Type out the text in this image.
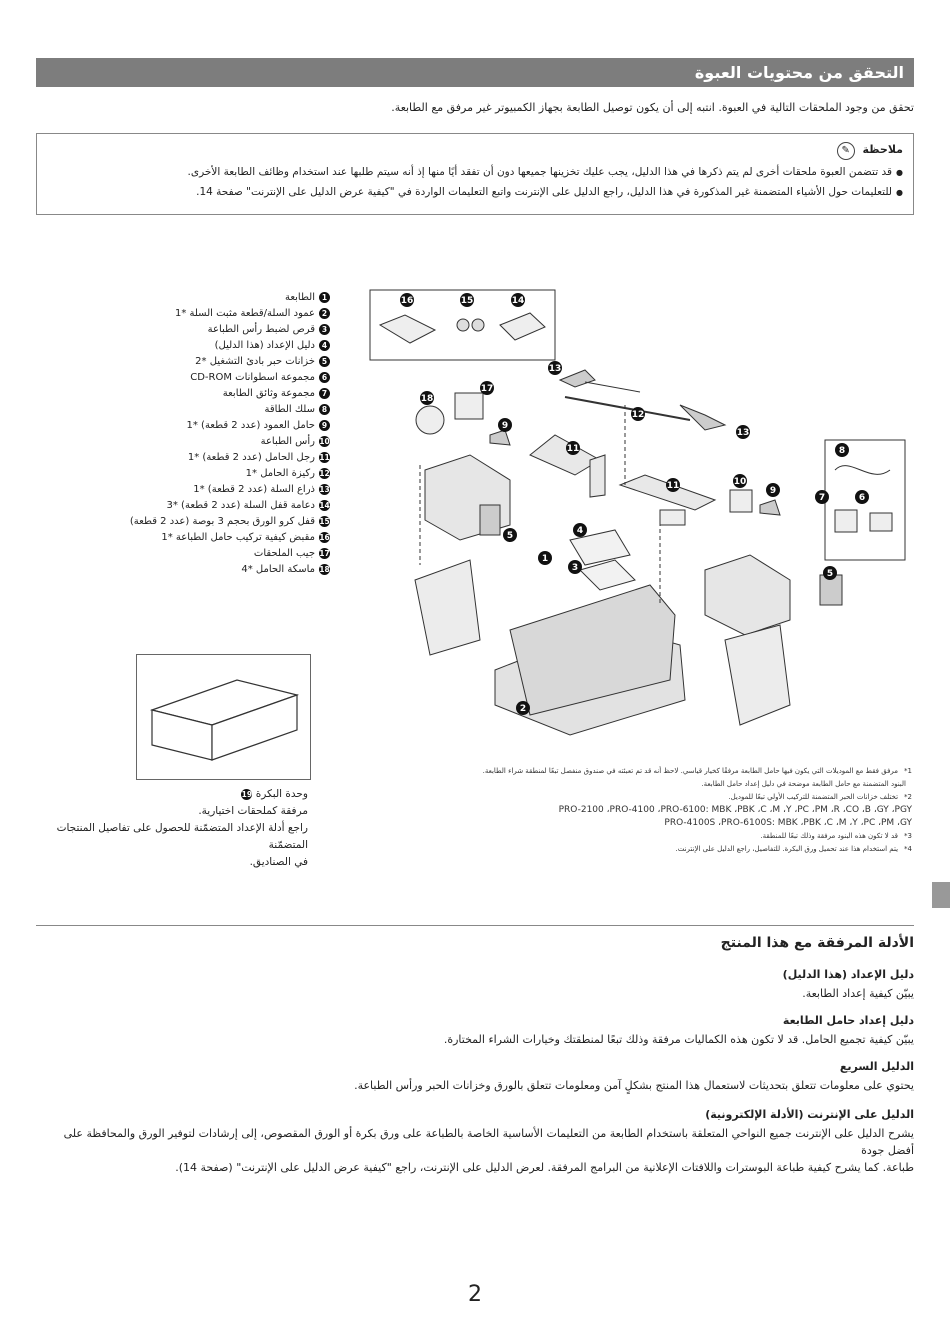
التحقق من محتويات العبوة
تحقق من وجود الملحقات التالية في العبوة. انتبه إلى أن يكون توصيل الطابعة بجهاز الكمبيوتر غير مرفق مع الطابعة.
ملاحظة ✎
● قد تتضمن العبوة ملحقات أخرى لم يتم ذكرها في هذا الدليل، يجب عليك تخزينها جميعها دون أن تفقد أيًا منها إذ أنه سيتم طلبها عند استخدام وظائف الطابعة الأخرى.
● للتعليمات حول الأشياء المتضمنة غير المذكورة في هذا الدليل، راجع الدليل على الإنترنت واتبع التعليمات الواردة في "كيفية عرض الدليل على الإنترنت" صفحة 14.
1الطابعة
2عمود السلة/قطعة مثبت السلة *1
3قرص لضبط رأس الطباعة
4دليل الإعداد (هذا الدليل)
5خزانات حبر بادئ التشغيل *2
6مجموعة اسطوانات CD-ROM
7مجموعة وثائق الطابعة
8سلك الطاقة
9حامل العمود (عدد 2 قطعة) *1
10رأس الطباعة
11رجل الحامل (عدد 2 قطعة) *1
12ركيزة الحامل *1
13ذراع السلة (عدد 2 قطعة) *1
14دعامة قفل السلة (عدد 2 قطعة) *3
15قفل كرو الورق بحجم 3 بوصة (عدد 2 قطعة)
16مقبض كيفية تركيب حامل الطباعة *1
17جيب الملحقات
18ماسكة الحامل *4
1
2
3
4
5
5
6
7
8
9
9
10
11
11
12
13
13
14
15
16
17
18
وحدة البكرة 19
مرفقة كملحقات اختيارية.
راجع أدلة الإعداد المتضمّنة للحصول على تفاصيل المنتجات المتضمّنة
في الصناديق.
1*مرفق فقط مع الموديلات التي يكون فيها حامل الطابعة مرفقًا كخيار قياسي. لاحظ أنه قد تم تعبئته في صندوق منفصل تبعًا لمنطقة شراء الطابعة.
البنود المتضمنة مع حامل الطابعة موضحة في دليل إعداد حامل الطابعة.
2*تختلف خزانات الحبر المتضمنة للتركيب الأولي تبعًا للموديل.
PRO-2100 ،PRO-4100 ،PRO-6100: MBK ،PBK ،C ،M ،Y ،PC ،PM ،R ،CO ،B ،GY ،PGY
PRO-4100S ،PRO-6100S: MBK ،PBK ،C ،M ،Y ،PC ،PM ،GY
3*قد لا تكون هذه البنود مرفقة وذلك تبعًا للمنطقة.
4*يتم استخدام هذا عند تحميل ورق البكرة. للتفاصيل، راجع الدليل على الإنترنت.
الأدلة المرفقة مع هذا المنتج
دليل الإعداد (هذا الدليل)
يبيّن كيفية إعداد الطابعة.
دليل إعداد حامل الطابعة
يبيّن كيفية تجميع الحامل. قد لا تكون هذه الكماليات مرفقة وذلك تبعًا لمنطقتك وخيارات الشراء المختارة.
الدليل السريع
يحتوي على معلومات تتعلق بتحديثات لاستعمال هذا المنتج بشكلٍ آمن ومعلومات تتعلق بالورق وخزانات الحبر ورأس الطباعة.
الدليل على الإنترنت (الأدلة الإلكترونية)
يشرح الدليل على الإنترنت جميع النواحي المتعلقة باستخدام الطابعة من التعليمات الأساسية الخاصة بالطباعة على ورق بكرة أو الورق المقصوص، إلى إرشادات لتوفير الورق والمحافظة على أفضل جودة
طباعة. كما يشرح كيفية طباعة البوسترات واللافتات الإعلانية من البرامج المرفقة. لعرض الدليل على الإنترنت، راجع "كيفية عرض الدليل على الإنترنت" (صفحة 14).
2
